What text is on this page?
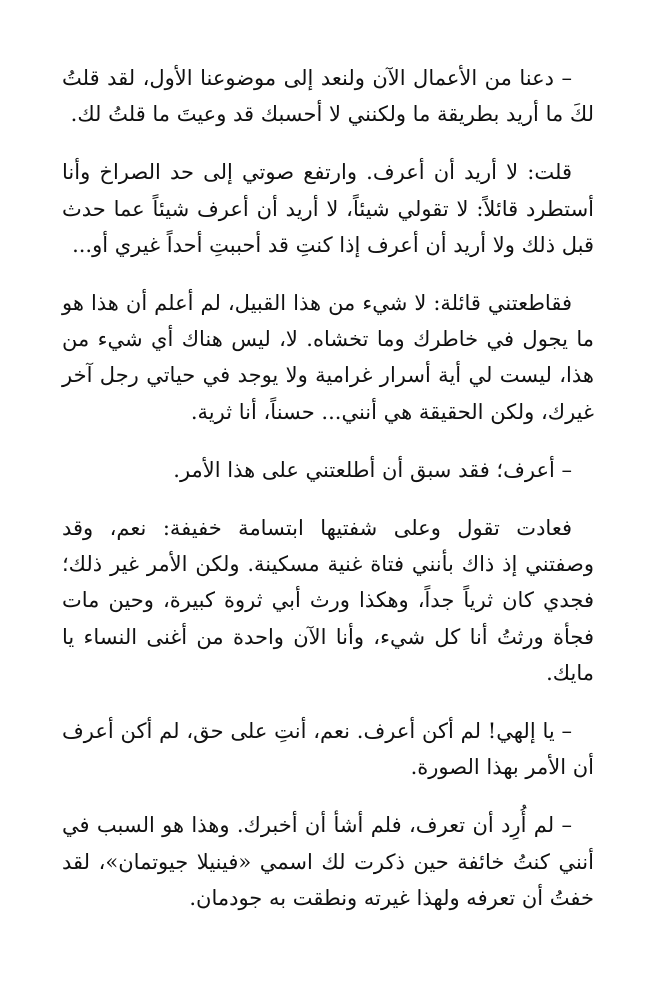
– دعنا من الأعمال الآن ولنعد إلى موضوعنا الأول، لقد قلتُ لكَ ما أريد بطريقة ما ولكنني لا أحسبك قد وعيتَ ما قلتُ لك.

قلت: لا أريد أن أعرف. وارتفع صوتي إلى حد الصراخ وأنا أستطرد قائلاً: لا تقولي شيئاً، لا أريد أن أعرف شيئاً عما حدث قبل ذلك ولا أريد أن أعرف إذا كنتِ قد أحببتِ أحداً غيري أو...

فقاطعتني قائلة: لا شيء من هذا القبيل، لم أعلم أن هذا هو ما يجول في خاطرك وما تخشاه. لا، ليس هناك أي شيء من هذا، ليست لي أية أسرار غرامية ولا يوجد في حياتي رجل آخر غيرك، ولكن الحقيقة هي أنني... حسناً، أنا ثرية.

– أعرف؛ فقد سبق أن أطلعتني على هذا الأمر.

فعادت تقول وعلى شفتيها ابتسامة خفيفة: نعم، وقد وصفتني إذ ذاك بأنني فتاة غنية مسكينة. ولكن الأمر غير ذلك؛ فجدي كان ثرياً جداً، وهكذا ورث أبي ثروة كبيرة، وحين مات فجأة ورثتُ أنا كل شيء، وأنا الآن واحدة من أغنى النساء يا مايك.

– يا إلهي! لم أكن أعرف. نعم، أنتِ على حق، لم أكن أعرف أن الأمر بهذا الصورة.

– لم أُرِد أن تعرف، فلم أشأ أن أخبرك. وهذا هو السبب في أنني كنتُ خائفة حين ذكرت لك اسمي «فينيلا جيوتمان»، لقد خفتُ أن تعرفه ولهذا غيرته ونطقت به جودمان.
